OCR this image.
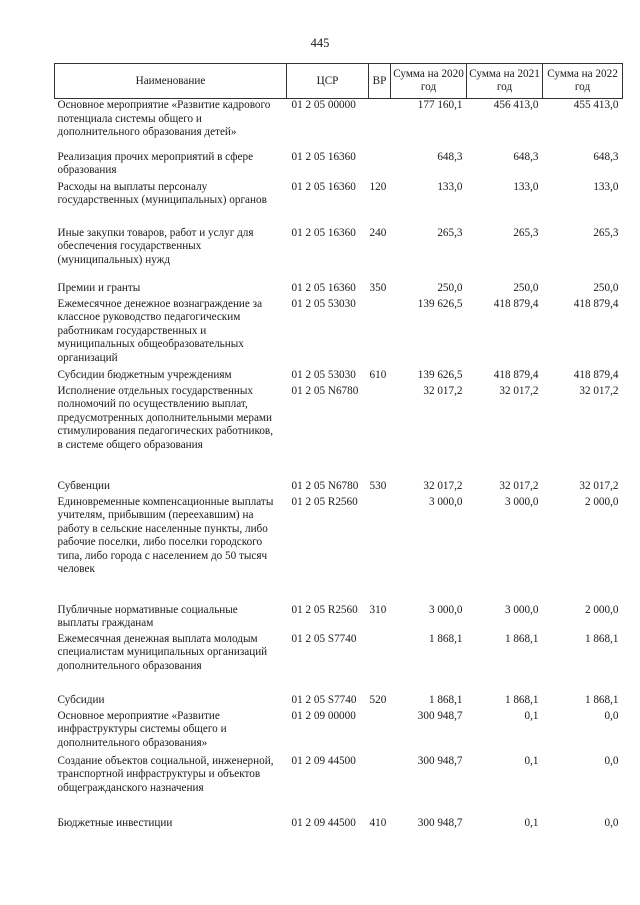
445
Наименование	ЦСР	ВР	Сумма на 2020 год	Сумма на 2021 год	Сумма на 2022 год
Основное мероприятие «Развитие кадрового потенциала системы общего и дополнительного образования детей»	01 2 05 00000		177 160,1	456 413,0	455 413,0
Реализация прочих мероприятий в сфере образования	01 2 05 16360		648,3	648,3	648,3
Расходы на выплаты персоналу государственных (муниципальных) органов	01 2 05 16360	120	133,0	133,0	133,0
Иные закупки товаров, работ и услуг для обеспечения государственных (муниципальных) нужд	01 2 05 16360	240	265,3	265,3	265,3
Премии и гранты	01 2 05 16360	350	250,0	250,0	250,0
Ежемесячное денежное вознаграждение за классное руководство педагогическим работникам государственных и муниципальных общеобразовательных организаций	01 2 05 53030		139 626,5	418 879,4	418 879,4
Субсидии бюджетным учреждениям	01 2 05 53030	610	139 626,5	418 879,4	418 879,4
Исполнение отдельных государственных полномочий по осуществлению выплат, предусмотренных дополнительными мерами стимулирования педагогических работников, в системе общего образования	01 2 05 N6780		32 017,2	32 017,2	32 017,2
Субвенции	01 2 05 N6780	530	32 017,2	32 017,2	32 017,2
Единовременные компенсационные выплаты учителям, прибывшим (переехавшим) на работу в сельские населенные пункты, либо рабочие поселки, либо поселки городского типа, либо города с населением до 50 тысяч человек	01 2 05 R2560		3 000,0	3 000,0	2 000,0
Публичные нормативные социальные выплаты гражданам	01 2 05 R2560	310	3 000,0	3 000,0	2 000,0
Ежемесячная денежная выплата молодым специалистам муниципальных организаций дополнительного образования	01 2 05 S7740		1 868,1	1 868,1	1 868,1
Субсидии	01 2 05 S7740	520	1 868,1	1 868,1	1 868,1
Основное мероприятие «Развитие инфраструктуры системы общего и дополнительного образования»	01 2 09 00000		300 948,7	0,1	0,0
Создание объектов социальной, инженерной, транспортной инфраструктуры и объектов общегражданского назначения	01 2 09 44500		300 948,7	0,1	0,0
Бюджетные инвестиции	01 2 09 44500	410	300 948,7	0,1	0,0
